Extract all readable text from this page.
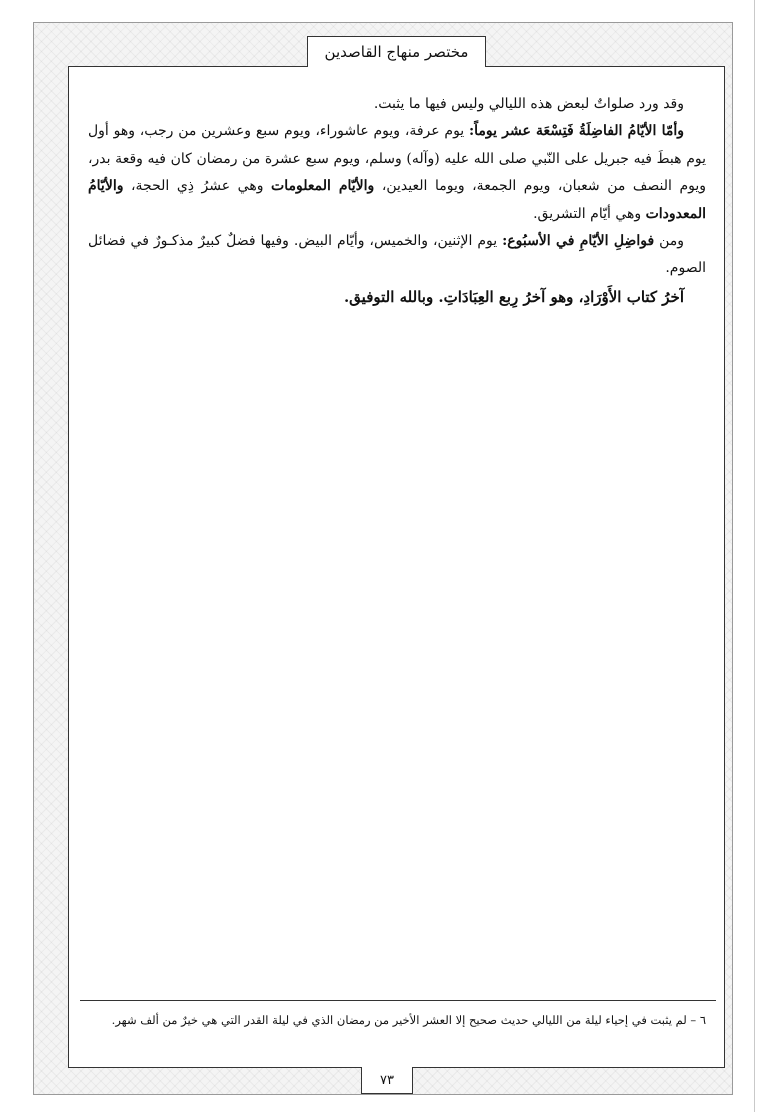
مختصر منهاج القاصدين

وقد ورد صلواتٌ لبعض هذه الليالي وليس فيها ما يثبت.

وأمّا الأيّامُ الفاضِلَةُ فَتِسْعَة عشر يوماً: يوم عرفة، ويوم عاشوراء، ويوم سبع وعشرين من رجب، وهو أول يوم هبطَ فيه جبريل على النّبي صلى الله عليه (وآله) وسلم، ويوم سبع عشرة من رمضان كان فيه وقعة بدر، ويوم النصف من شعبان، ويوم الجمعة، ويوما العيدين، والأيّام المعلومات وهي عشرُ ذِي الحجة، والأيّامُ المعدودات وهي أيّام التشريق.

ومن فواضِلِ الأيّامِ في الأسبُوع: يوم الإثنين، والخميس، وأيّام البيض. وفيها فضلٌ كبيرٌ مذكـورٌ في فضائل الصوم.

آخرُ كتاب الأَوْرَادِ، وهو آخرُ رِبع العِبَادَاتِ. وبالله التوفيق.

٦ – لم يثبت في إحياء ليلة من الليالي حديث صحيح إلا العشر الأخير من رمضان الذي في ليلة القدر التي هي خيرٌ من ألف شهر.
٧٣
